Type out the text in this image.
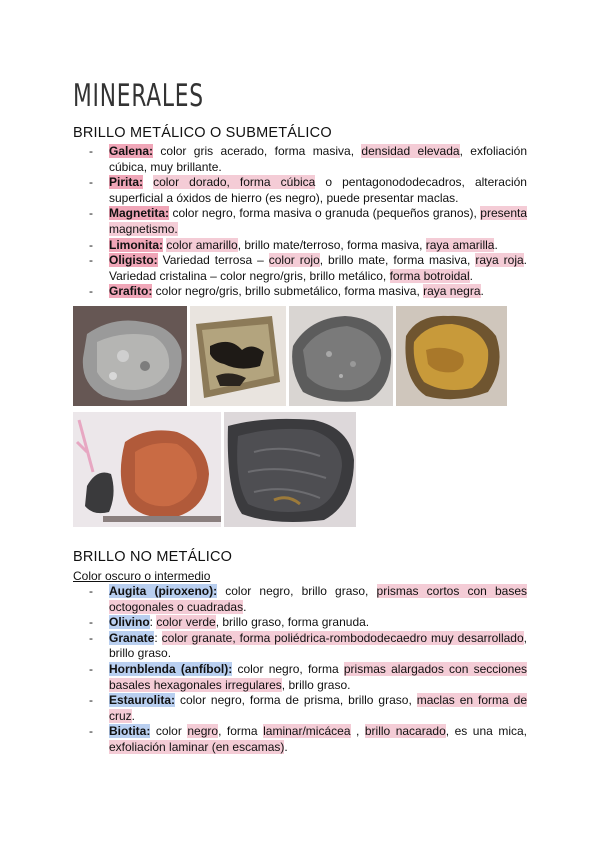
MINERALES
BRILLO METÁLICO O SUBMETÁLICO
- Galena: color gris acerado, forma masiva, densidad elevada, exfoliación cúbica, muy brillante.
- Pirita: color dorado, forma cúbica o pentagonododecadros, alteración superficial a óxidos de hierro (es negro), puede presentar maclas.
- Magnetita: color negro, forma masiva o granuda (pequeños granos), presenta magnetismo.
- Limonita: color amarillo, brillo mate/terroso, forma masiva, raya amarilla.
- Oligisto: Variedad terrosa – color rojo, brillo mate, forma masiva, raya roja. Variedad cristalina – color negro/gris, brillo metálico, forma botroidal.
- Grafito: color negro/gris, brillo submetálico, forma masiva, raya negra.
BRILLO NO METÁLICO
Color oscuro o intermedio
- Augita (piroxeno): color negro, brillo graso, prismas cortos con bases octogonales o cuadradas.
- Olivino: color verde, brillo graso, forma granuda.
- Granate: color granate, forma poliédrica-rombododecaedro muy desarrollado, brillo graso.
- Hornblenda (anfíbol): color negro, forma prismas alargados con secciones basales hexagonales irregulares, brillo graso.
- Estaurolita: color negro, forma de prisma, brillo graso, maclas en forma de cruz.
- Biotita: color negro, forma laminar/micácea , brillo nacarado, es una mica, exfoliación laminar (en escamas).
